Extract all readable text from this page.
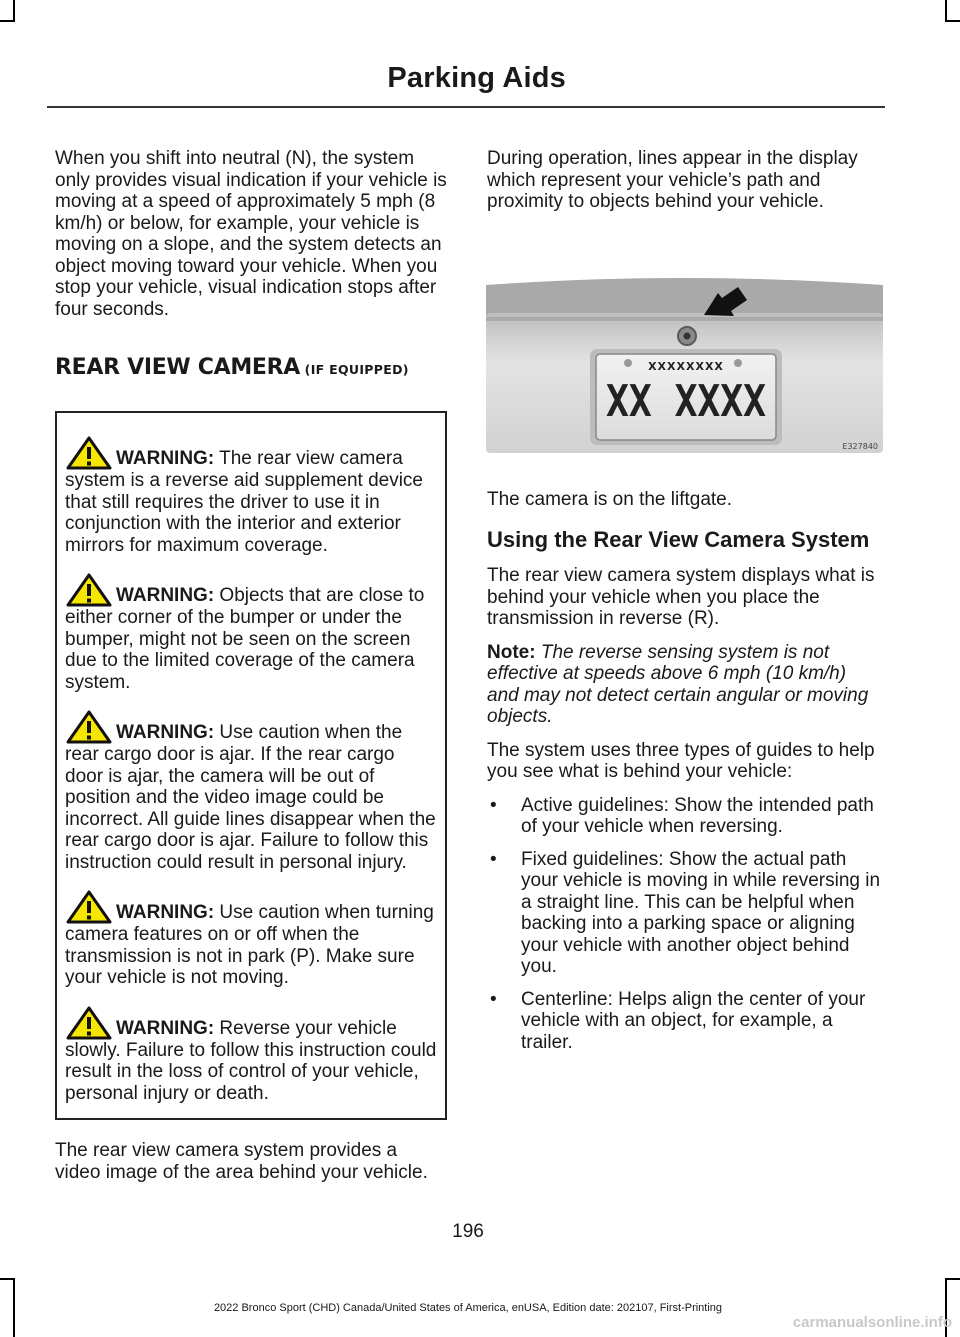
Parking Aids

When you shift into neutral (N), the system only provides visual indication if your vehicle is moving at a speed of approximately 5 mph (8 km/h) or below, for example, your vehicle is moving on a slope, and the system detects an object moving toward your vehicle. When you stop your vehicle, visual indication stops after four seconds.

REAR VIEW CAMERA (IF EQUIPPED)

WARNING: The rear view camera system is a reverse aid supplement device that still requires the driver to use it in conjunction with the interior and exterior mirrors for maximum coverage.

WARNING: Objects that are close to either corner of the bumper or under the bumper, might not be seen on the screen due to the limited coverage of the camera system.

WARNING: Use caution when the rear cargo door is ajar. If the rear cargo door is ajar, the camera will be out of position and the video image could be incorrect. All guide lines disappear when the rear cargo door is ajar. Failure to follow this instruction could result in personal injury.

WARNING: Use caution when turning camera features on or off when the transmission is not in park (P). Make sure your vehicle is not moving.

WARNING: Reverse your vehicle slowly. Failure to follow this instruction could result in the loss of control of your vehicle, personal injury or death.

The rear view camera system provides a video image of the area behind your vehicle.

During operation, lines appear in the display which represent your vehicle’s path and proximity to objects behind your vehicle.

XXXXXXXX
XX XXXX
E327840

The camera is on the liftgate.

Using the Rear View Camera System

The rear view camera system displays what is behind your vehicle when you place the transmission in reverse (R).

Note: The reverse sensing system is not effective at speeds above 6 mph (10 km/h) and may not detect certain angular or moving objects.

The system uses three types of guides to help you see what is behind your vehicle:

• Active guidelines: Show the intended path of your vehicle when reversing.
• Fixed guidelines: Show the actual path your vehicle is moving in while reversing in a straight line. This can be helpful when backing into a parking space or aligning your vehicle with another object behind you.
• Centerline: Helps align the center of your vehicle with an object, for example, a trailer.

196

2022 Bronco Sport (CHD) Canada/United States of America, enUSA, Edition date: 202107, First-Printing

carmanualsonline.info
